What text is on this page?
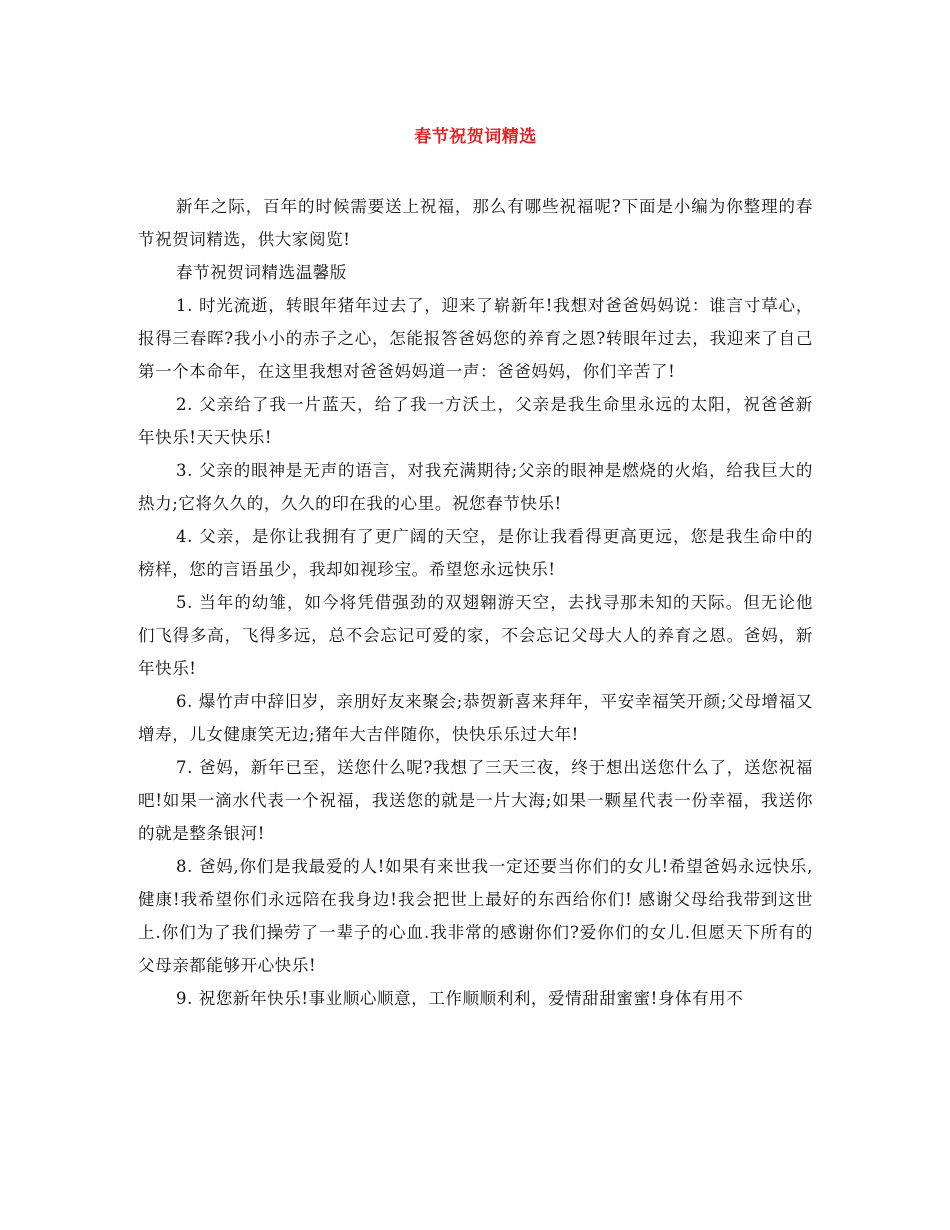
春节祝贺词精选

新年之际，百年的时候需要送上祝福，那么有哪些祝福呢?下面是小编为你整理的春节祝贺词精选，供大家阅览!

春节祝贺词精选温馨版

1. 时光流逝，转眼年猪年过去了，迎来了崭新年!我想对爸爸妈妈说：谁言寸草心，报得三春晖?我小小的赤子之心，怎能报答爸妈您的养育之恩?转眼年过去，我迎来了自己第一个本命年，在这里我想对爸爸妈妈道一声：爸爸妈妈，你们辛苦了!

2. 父亲给了我一片蓝天，给了我一方沃土，父亲是我生命里永远的太阳，祝爸爸新年快乐!天天快乐!

3. 父亲的眼神是无声的语言，对我充满期待;父亲的眼神是燃烧的火焰，给我巨大的热力;它将久久的，久久的印在我的心里。祝您春节快乐!

4. 父亲，是你让我拥有了更广阔的天空，是你让我看得更高更远，您是我生命中的榜样，您的言语虽少，我却如视珍宝。希望您永远快乐!

5. 当年的幼雏，如今将凭借强劲的双翅翱游天空，去找寻那未知的天际。但无论他们飞得多高，飞得多远，总不会忘记可爱的家，不会忘记父母大人的养育之恩。爸妈，新年快乐!

6. 爆竹声中辞旧岁，亲朋好友来聚会;恭贺新喜来拜年，平安幸福笑开颜;父母增福又增寿，儿女健康笑无边;猪年大吉伴随你，快快乐乐过大年!

7. 爸妈，新年已至，送您什么呢?我想了三天三夜，终于想出送您什么了，送您祝福吧!如果一滴水代表一个祝福，我送您的就是一片大海;如果一颗星代表一份幸福，我送你的就是整条银河!

8. 爸妈,你们是我最爱的人!如果有来世我一定还要当你们的女儿!希望爸妈永远快乐,健康!我希望你们永远陪在我身边!我会把世上最好的东西给你们! 感谢父母给我带到这世上.你们为了我们操劳了一辈子的心血.我非常的感谢你们?爱你们的女儿.但愿天下所有的父母亲都能够开心快乐!

9. 祝您新年快乐!事业顺心顺意，工作顺顺利利，爱情甜甜蜜蜜!身体有用不
